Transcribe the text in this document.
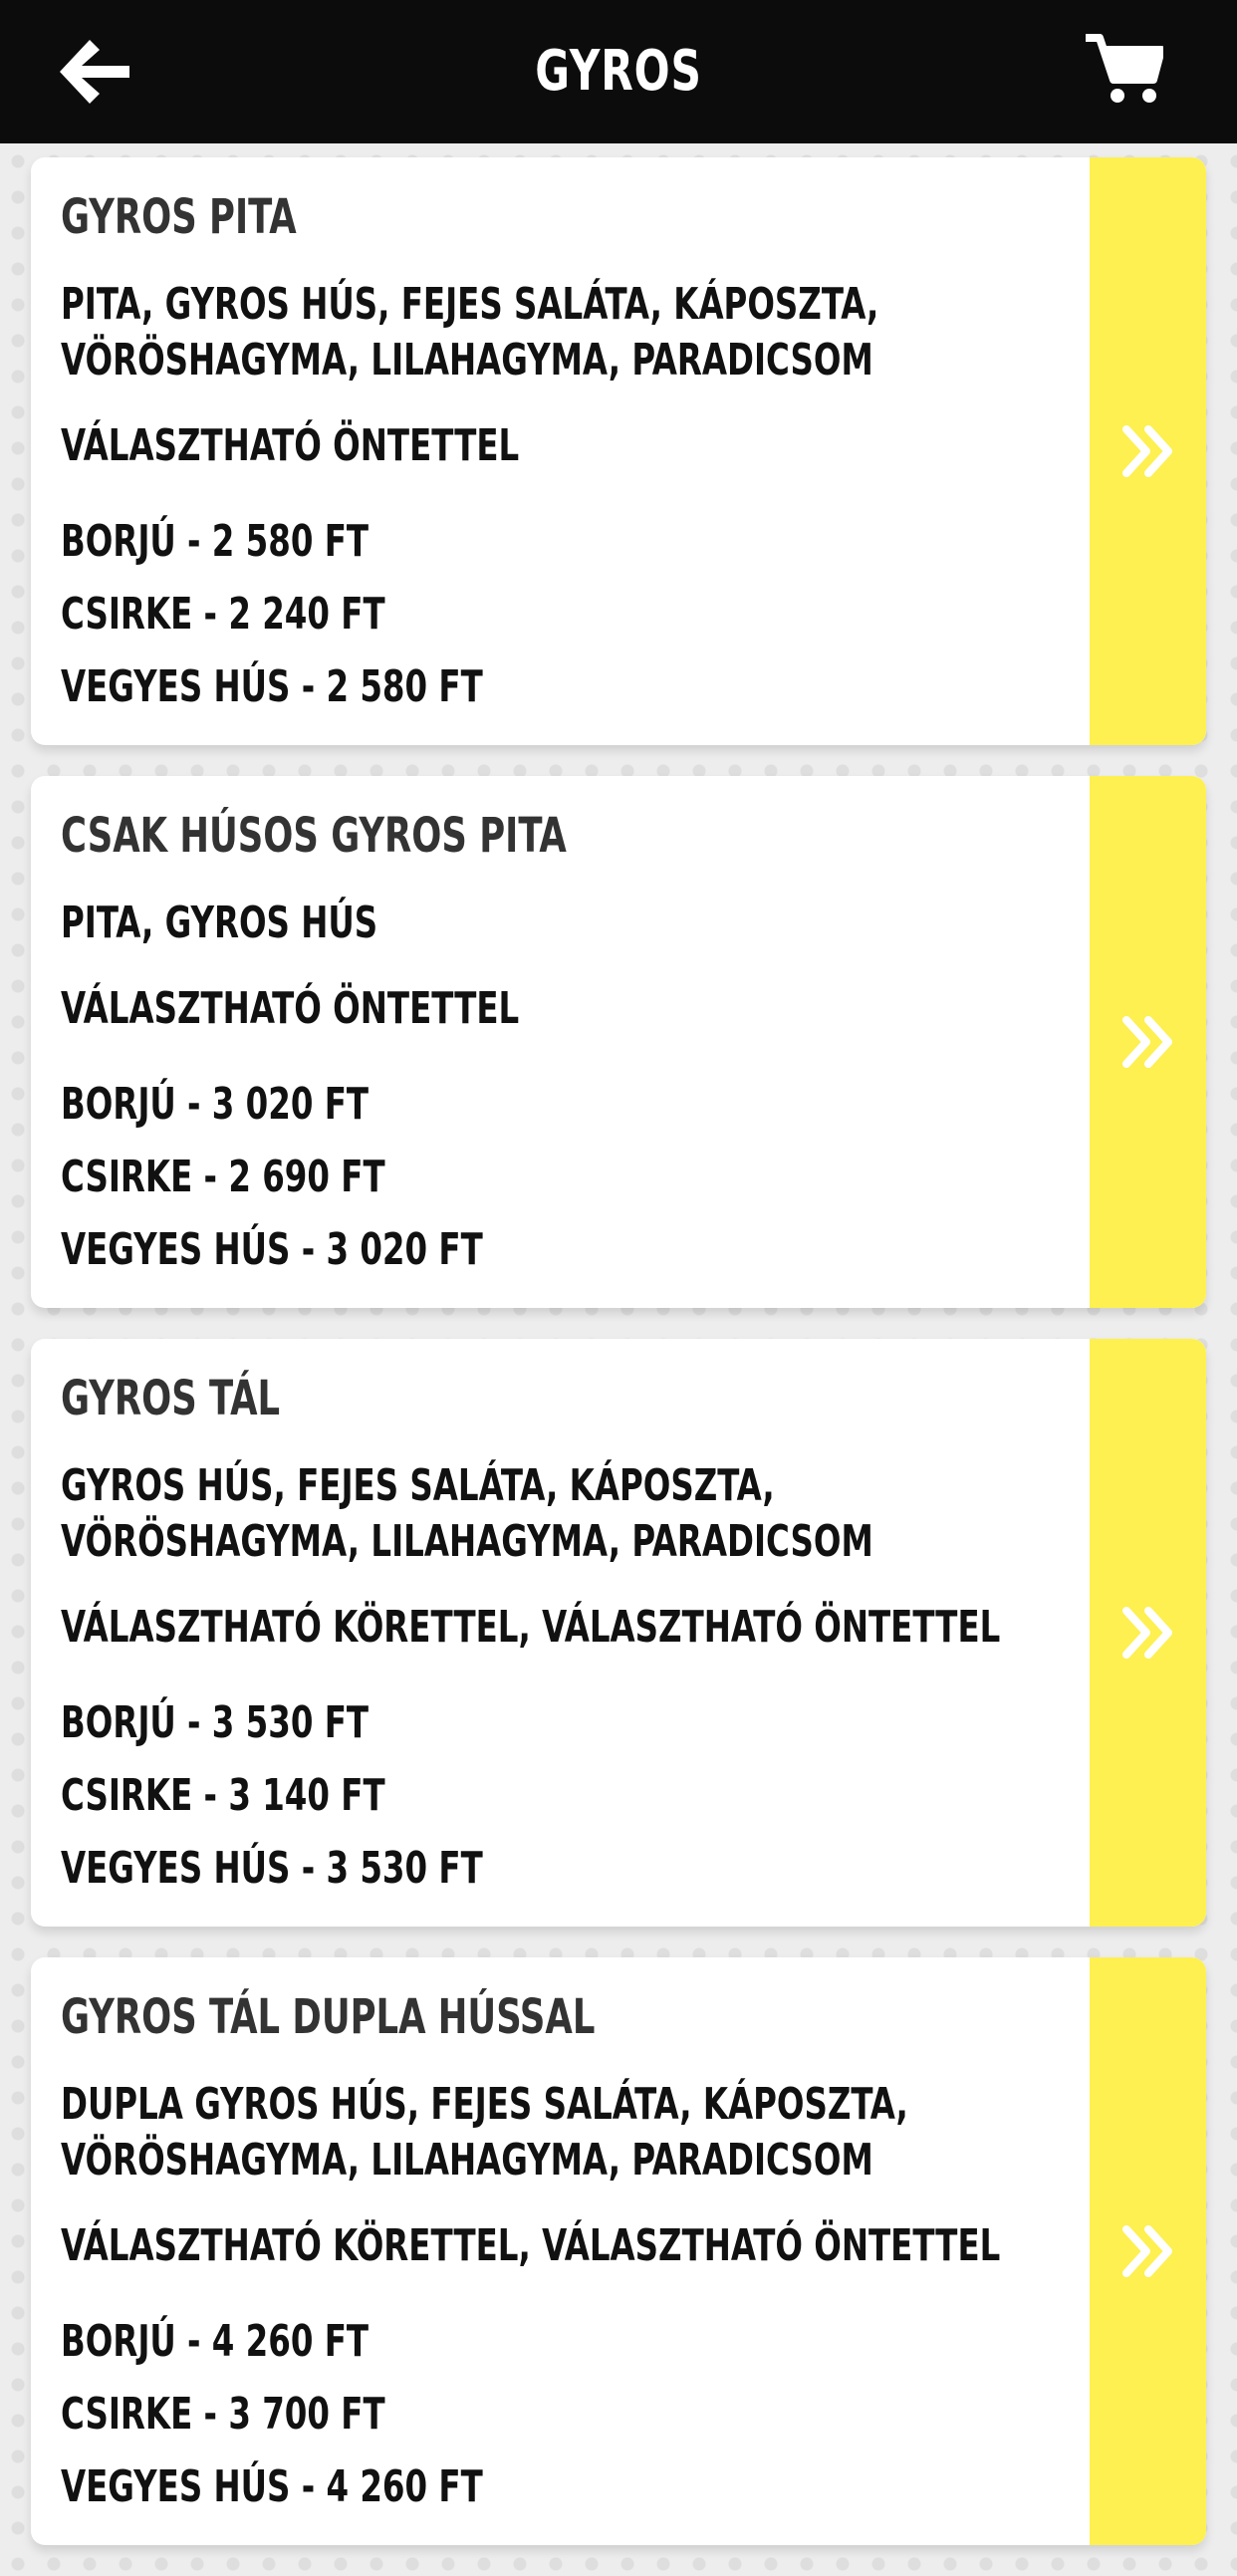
GYROS
GYROS PITA
PITA, GYROS HÚS, FEJES SALÁTA, KÁPOSZTA, VÖRÖSHAGYMA, LILAHAGYMA, PARADICSOM
VÁLASZTHATÓ ÖNTETTEL
BORJÚ - 2 580 FT
CSIRKE - 2 240 FT
VEGYES HÚS - 2 580 FT
CSAK HÚSOS GYROS PITA
PITA, GYROS HÚS
VÁLASZTHATÓ ÖNTETTEL
BORJÚ - 3 020 FT
CSIRKE - 2 690 FT
VEGYES HÚS - 3 020 FT
GYROS TÁL
GYROS HÚS, FEJES SALÁTA, KÁPOSZTA, VÖRÖSHAGYMA, LILAHAGYMA, PARADICSOM
VÁLASZTHATÓ KÖRETTEL, VÁLASZTHATÓ ÖNTETTEL
BORJÚ - 3 530 FT
CSIRKE - 3 140 FT
VEGYES HÚS - 3 530 FT
GYROS TÁL DUPLA HÚSSAL
DUPLA GYROS HÚS, FEJES SALÁTA, KÁPOSZTA, VÖRÖSHAGYMA, LILAHAGYMA, PARADICSOM
VÁLASZTHATÓ KÖRETTEL, VÁLASZTHATÓ ÖNTETTEL
BORJÚ - 4 260 FT
CSIRKE - 3 700 FT
VEGYES HÚS - 4 260 FT
